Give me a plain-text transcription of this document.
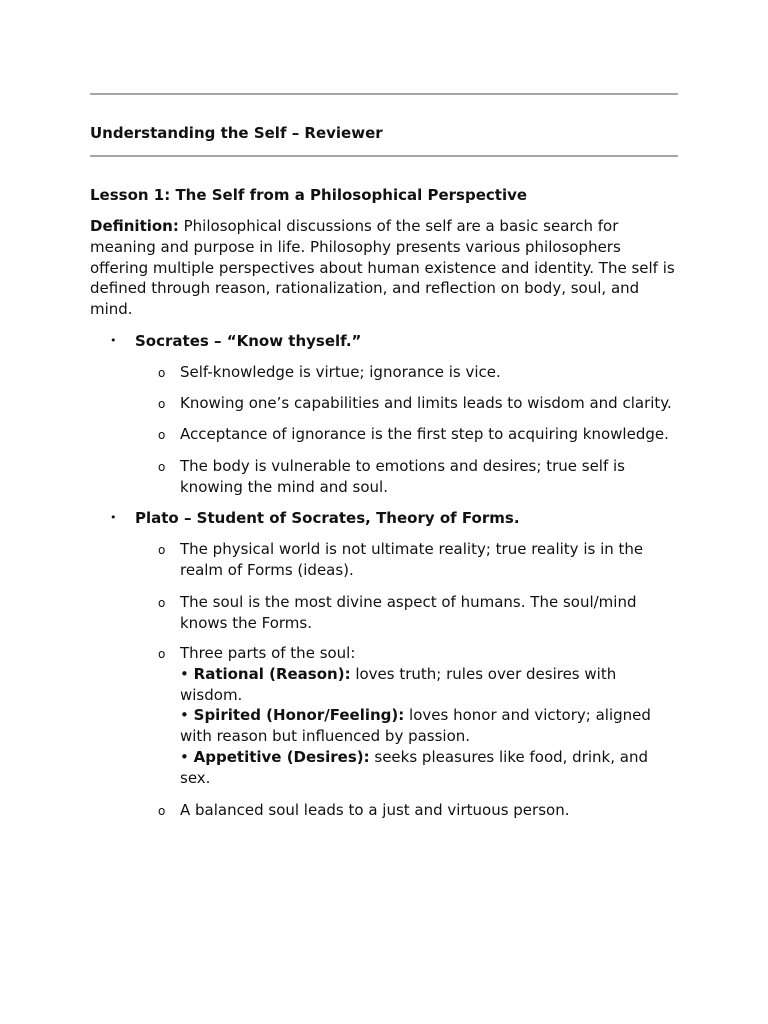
Understanding the Self – Reviewer

Lesson 1: The Self from a Philosophical Perspective

Definition: Philosophical discussions of the self are a basic search for meaning and purpose in life. Philosophy presents various philosophers offering multiple perspectives about human existence and identity. The self is defined through reason, rationalization, and reflection on body, soul, and mind.

• Socrates – “Know thyself.”
o Self-knowledge is virtue; ignorance is vice.
o Knowing one’s capabilities and limits leads to wisdom and clarity.
o Acceptance of ignorance is the first step to acquiring knowledge.
o The body is vulnerable to emotions and desires; true self is knowing the mind and soul.
• Plato – Student of Socrates, Theory of Forms.
o The physical world is not ultimate reality; true reality is in the realm of Forms (ideas).
o The soul is the most divine aspect of humans. The soul/mind knows the Forms.
o Three parts of the soul:
• Rational (Reason): loves truth; rules over desires with wisdom.
• Spirited (Honor/Feeling): loves honor and victory; aligned with reason but influenced by passion.
• Appetitive (Desires): seeks pleasures like food, drink, and sex.
o A balanced soul leads to a just and virtuous person.
